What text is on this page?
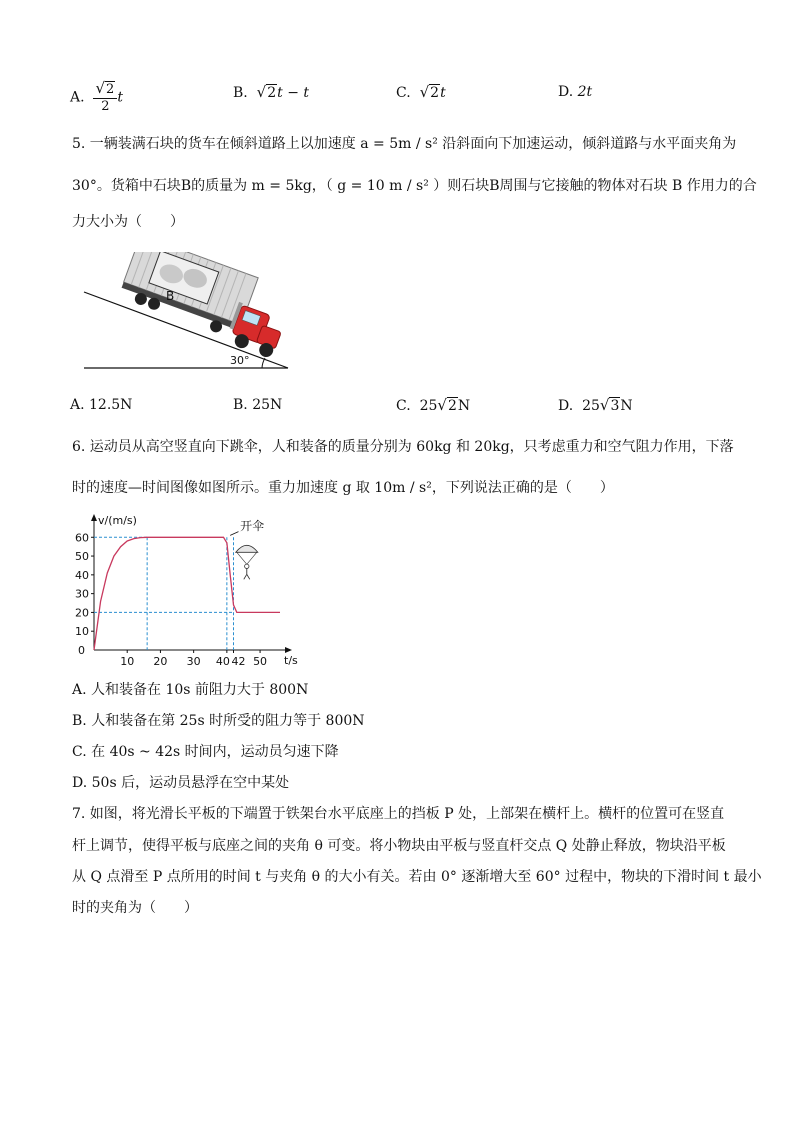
A. $\frac{√2}{2}$ t	B. √2t − t	C. √2t	D. 2t
5. 一辆装满石块的货车在倾斜道路上以加速度 a = 5m / s² 沿斜面向下加速运动，倾斜道路与水平面夹角为
30°。货箱中石块B的质量为 m = 5kg，（ g = 10 m / s² ）则石块B周围与它接触的物体对石块 B 作用力的合
力大小为（　　）
B
30°
A. 12.5N	B. 25N	C. 25√2N	D. 25√3N
6. 运动员从高空竖直向下跳伞，人和装备的质量分别为 60kg 和 20kg，只考虑重力和空气阻力作用，下落
时的速度—时间图像如图所示。重力加速度 g 取 10m / s²，下列说法正确的是（　　）
v/(m/s)
t/s
0
10
20
30
40
50
60
10 20 30 40 42 50
开伞
A. 人和装备在 10s 前阻力大于 800N
B. 人和装备在第 25s 时所受的阻力等于 800N
C. 在 40s ~ 42s 时间内，运动员匀速下降
D. 50s 后，运动员悬浮在空中某处
7. 如图，将光滑长平板的下端置于铁架台水平底座上的挡板 P 处，上部架在横杆上。横杆的位置可在竖直
杆上调节，使得平板与底座之间的夹角 θ 可变。将小物块由平板与竖直杆交点 Q 处静止释放，物块沿平板
从 Q 点滑至 P 点所用的时间 t 与夹角 θ 的大小有关。若由 0° 逐渐增大至 60° 过程中，物块的下滑时间 t 最小
时的夹角为（　　）
